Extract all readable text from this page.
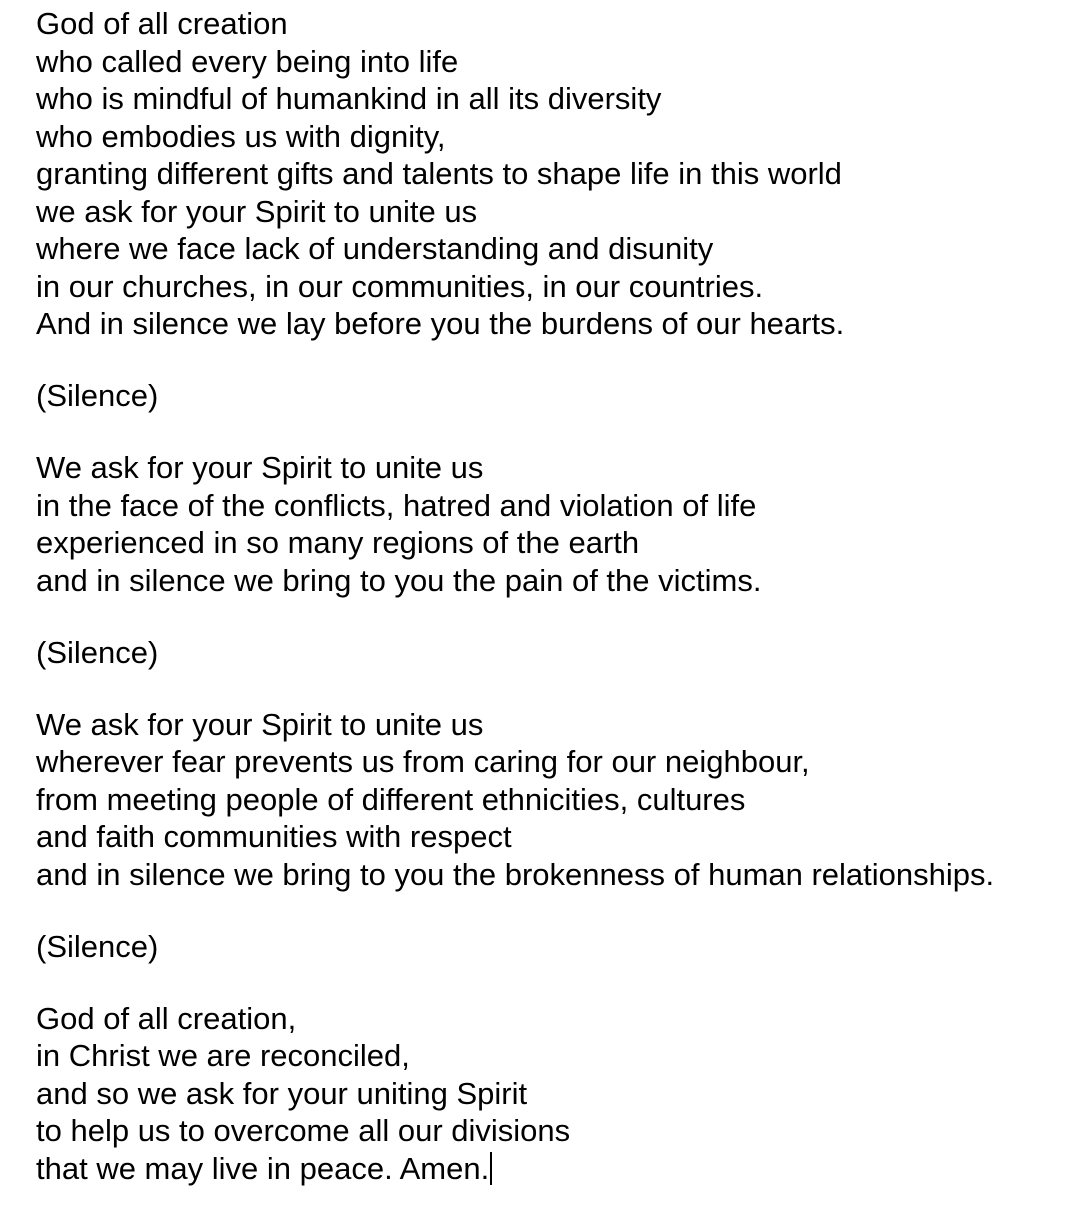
God of all creation
who called every being into life
who is mindful of humankind in all its diversity
who embodies us with dignity,
granting different gifts and talents to shape life in this world
we ask for your Spirit to unite us
where we face lack of understanding and disunity
in our churches, in our communities, in our countries.
And in silence we lay before you the burdens of our hearts.
(Silence)
We ask for your Spirit to unite us
in the face of the conflicts, hatred and violation of life
experienced in so many regions of the earth
and in silence we bring to you the pain of the victims.
(Silence)
We ask for your Spirit to unite us
wherever fear prevents us from caring for our neighbour,
from meeting people of different ethnicities, cultures
and faith communities with respect
and in silence we bring to you the brokenness of human relationships.
(Silence)
God of all creation,
in Christ we are reconciled,
and so we ask for your uniting Spirit
to help us to overcome all our divisions
that we may live in peace. Amen.
